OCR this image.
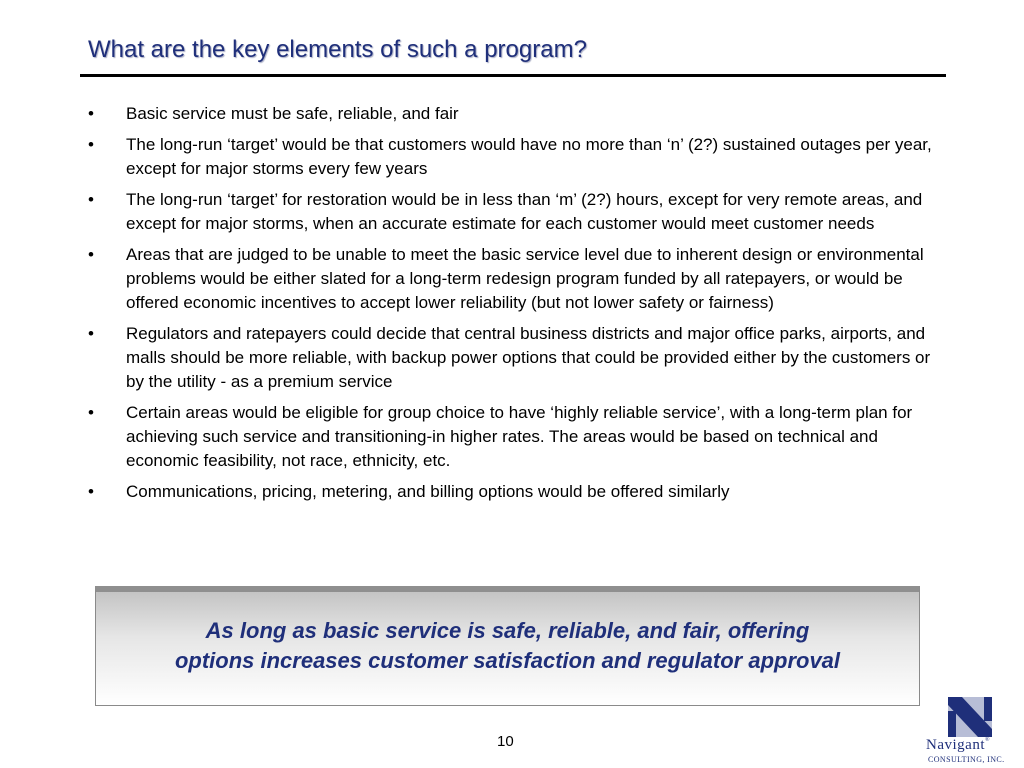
What are the key elements of such a program?
•	Basic service must be safe, reliable, and fair
•	The long-run ‘target’ would be that customers would have no more than ‘n’ (2?) sustained outages per year, except for major storms every few years
•	The long-run ‘target’ for restoration would be in less than ‘m’ (2?) hours, except for very remote areas, and except for major storms, when an accurate estimate for each customer would meet customer needs
•	Areas that are judged to be unable to meet the basic service level due to inherent design or environmental problems would be either slated for a long-term redesign program funded by all ratepayers, or would be offered economic incentives to accept lower reliability (but not lower safety or fairness)
•	Regulators and ratepayers could decide that central business districts and major office parks, airports, and malls should be more reliable, with backup power options that could be provided either by the customers or by the utility - as a premium service
•	Certain areas would be eligible for group choice to have ‘highly reliable service’, with a long-term plan for achieving such service and transitioning-in higher rates. The areas would be based on technical and economic feasibility, not race, ethnicity, etc.
•	Communications, pricing, metering, and billing options would be offered similarly
As long as basic service is safe, reliable, and fair, offering
options increases customer satisfaction and regulator approval
10	Navigant®
CONSULTING, INC.
